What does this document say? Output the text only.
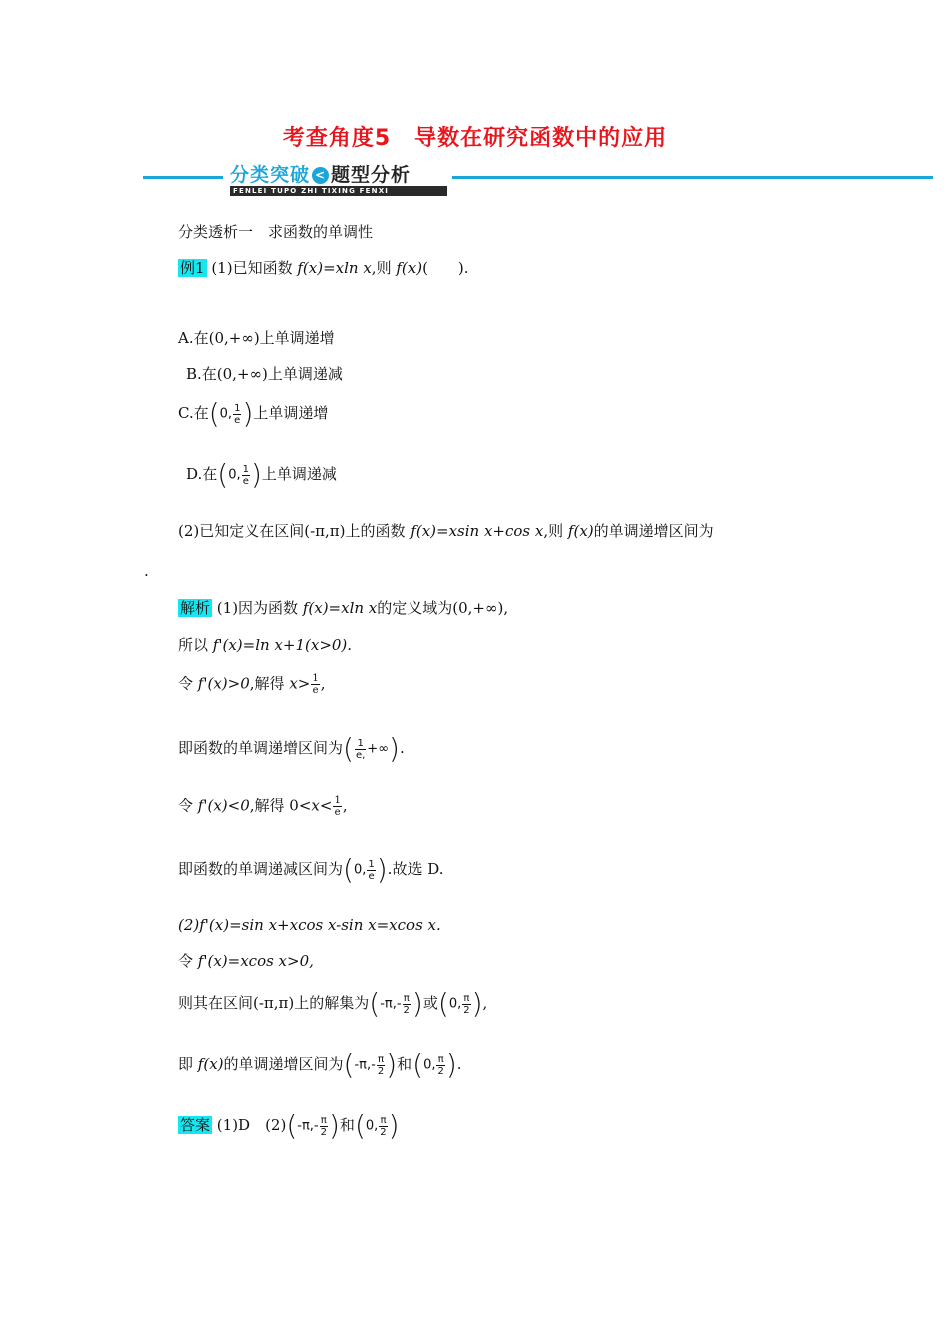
考查角度5　导数在研究函数中的应用
分类突破 < 题型分析
FENLEI TUPO ZHI TIXING FENXI
分类透析一　求函数的单调性
例1 (1)已知函数 f(x)=xln x,则 f(x)(　　).
A.在(0,+∞)上单调递增
B.在(0,+∞)上单调递减
C.在(0, $\frac{1}{e}$ )上单调递增
D.在(0, $\frac{1}{e}$ )上单调递减
(2)已知定义在区间(-π,π)上的函数 f(x)=xsin x+cos x,则 f(x)的单调递增区间为
.
解析 (1)因为函数 f(x)=xln x的定义域为(0,+∞),
所以 f'(x)=ln x+1(x>0).
令 f'(x)>0,解得 $x> \frac{1}{e}$ ,
即函数的单调递增区间为( $\frac{1}{e,}$ +∞).
令 f'(x)<0,解得 $0<x< \frac{1}{e}$ ,
即函数的单调递减区间为(0, $\frac{1}{e}$ ).故选 D.
(2)f'(x)=sin x+xcos x-sin x=xcos x.
令 f'(x)=xcos x>0,
则其在区间(-π,π)上的解集为($-\pi,- \frac{\pi}{2}$ )或(0, $\frac{\pi}{2}$ ),
即 f(x)的单调递增区间为($-\pi,- \frac{\pi}{2}$ )和(0, $\frac{\pi}{2}$ ).
答案 (1)D　$(2)(-\pi,- \frac{\pi}{2}$ )和(0, $\frac{\pi}{2}$ )
